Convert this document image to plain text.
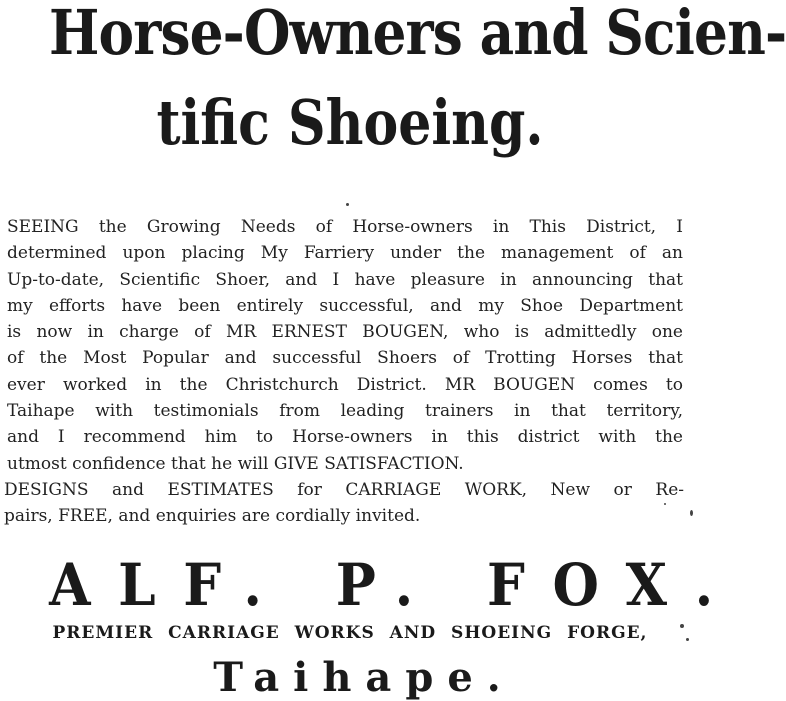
Horse-Owners and Scien-
tific Shoeing.
SEEING the Growing Needs of Horse-owners in This District, I
determined upon placing My Farriery under the management of an
Up-to-date, Scientific Shoer, and I have pleasure in announcing that
my efforts have been entirely successful, and my Shoe Department
is now in charge of MR ERNEST BOUGEN, who is admittedly one
of the Most Popular and successful Shoers of Trotting Horses that
ever worked in the Christchurch District. MR BOUGEN comes to
Taihape with testimonials from leading trainers in that territory,
and I recommend him to Horse-owners in this district with the
utmost confidence that he will GIVE SATISFACTION.
DESIGNS and ESTIMATES for CARRIAGE WORK, New or Re-
pairs, FREE, and enquiries are cordially invited.
ALF. P. FOX.
PREMIER CARRIAGE WORKS AND SHOEING FORGE,
Taihape.
